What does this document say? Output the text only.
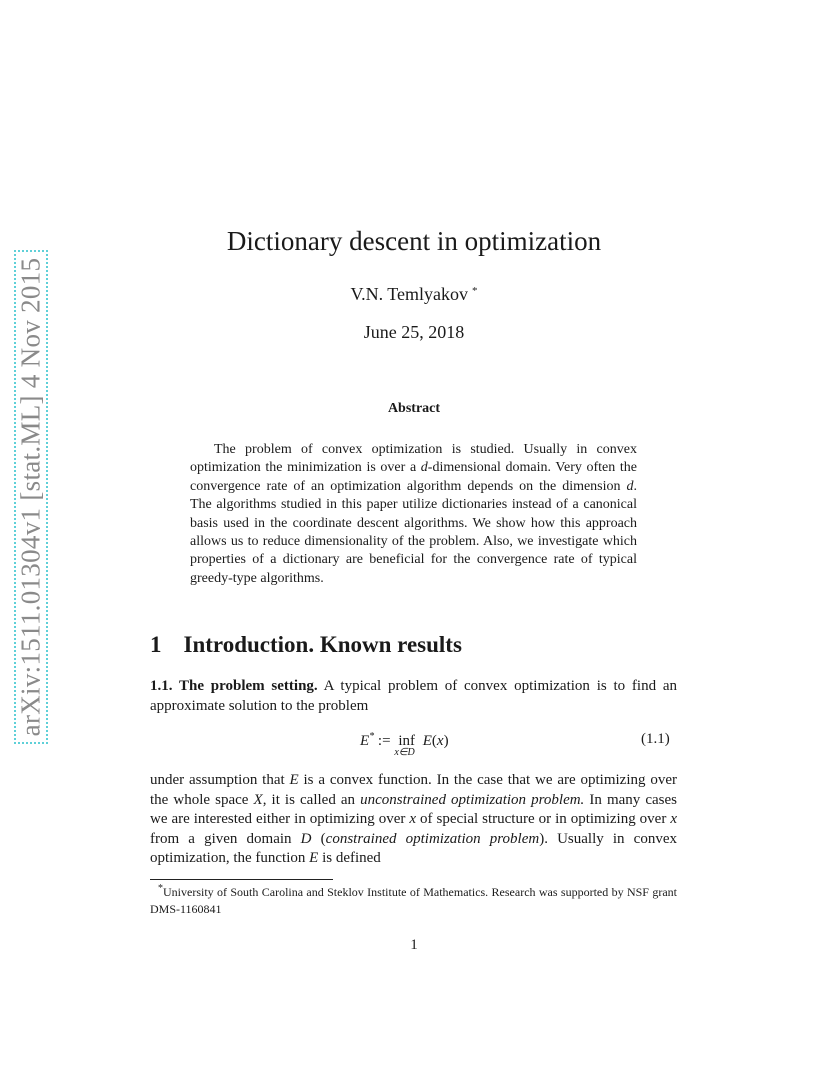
arXiv:1511.01304v1 [stat.ML] 4 Nov 2015
Dictionary descent in optimization
V.N. Temlyakov *
June 25, 2018
Abstract

The problem of convex optimization is studied. Usually in convex optimization the minimization is over a d-dimensional domain. Very often the convergence rate of an optimization algorithm depends on the dimension d. The algorithms studied in this paper utilize dictionaries instead of a canonical basis used in the coordinate descent algorithms. We show how this approach allows us to reduce dimensionality of the problem. Also, we investigate which properties of a dictionary are beneficial for the convergence rate of typical greedy-type algorithms.

1 Introduction. Known results

1.1. The problem setting. A typical problem of convex optimization is to find an approximate solution to the problem

E* := inf
x∈D
E(x)	(1.1)

under assumption that E is a convex function. In the case that we are optimizing over the whole space X, it is called an unconstrained optimization problem. In many cases we are interested either in optimizing over x of special structure or in optimizing over x from a given domain D (constrained optimization problem). Usually in convex optimization, the function E is defined

*University of South Carolina and Steklov Institute of Mathematics. Research was supported by NSF grant DMS-1160841

1
